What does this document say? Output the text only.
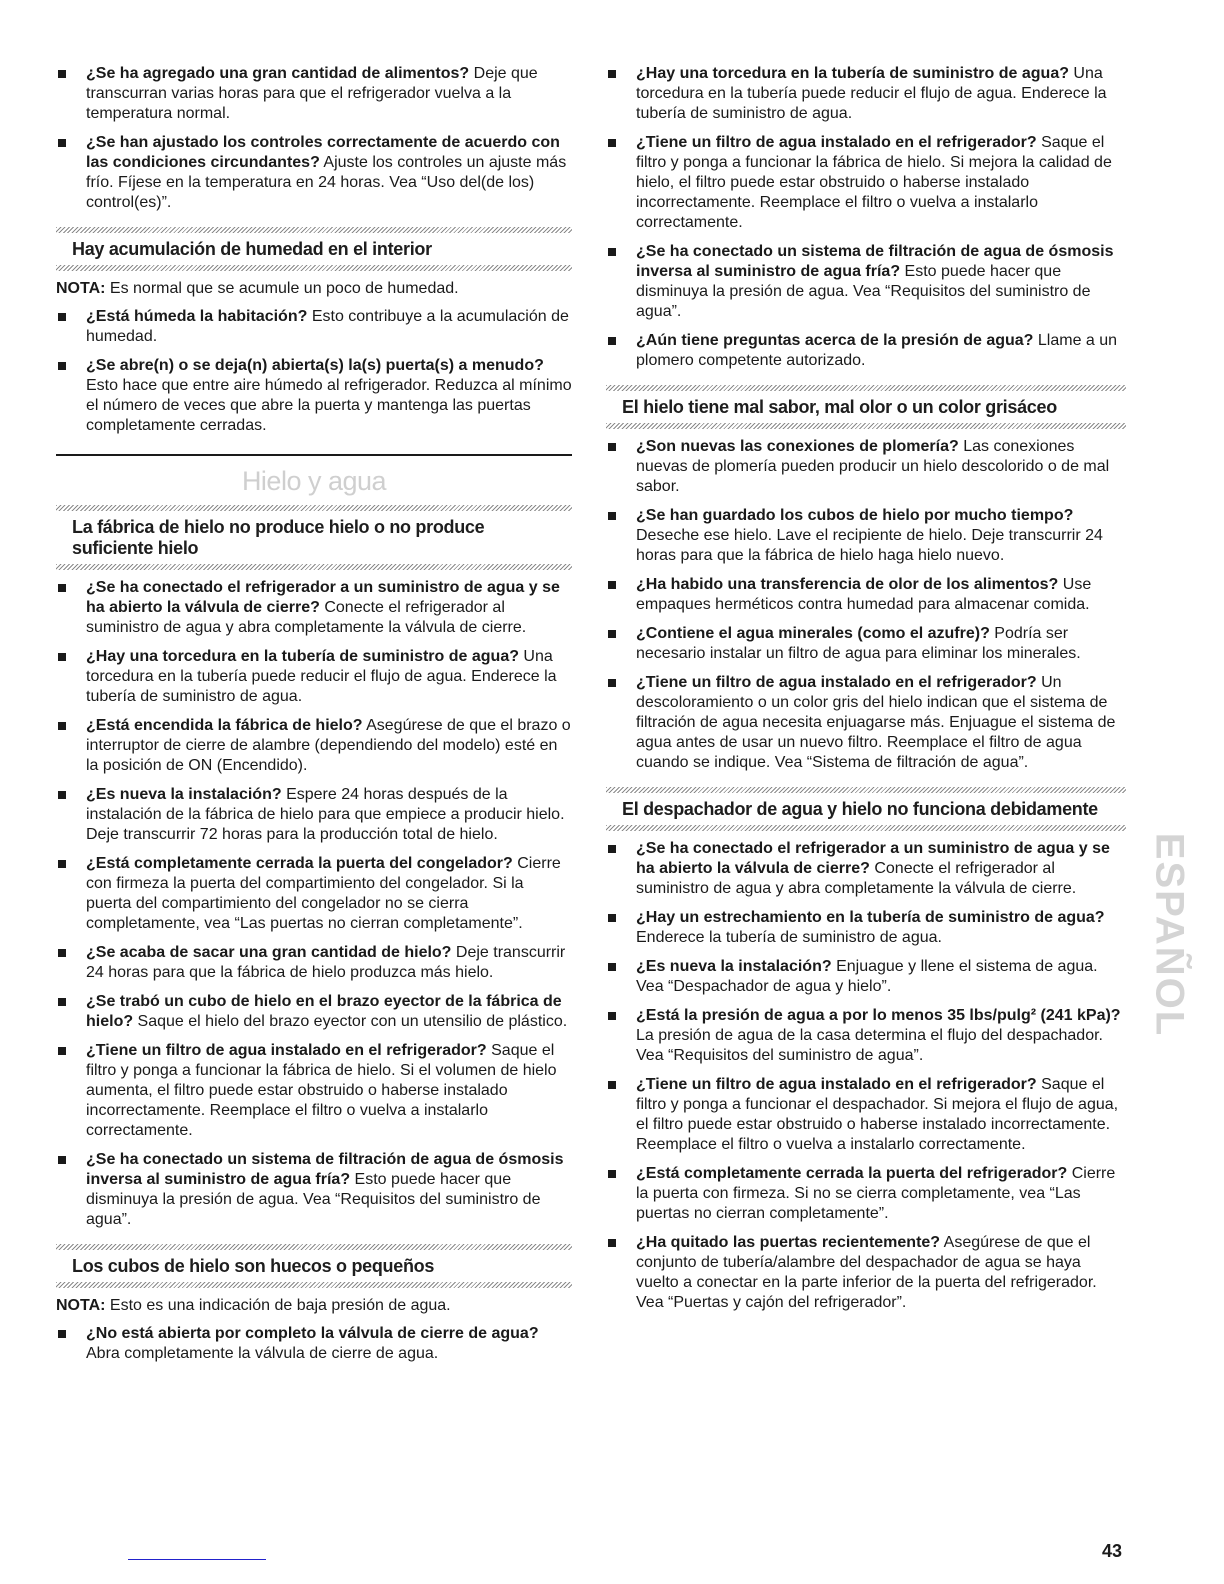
¿Se ha agregado una gran cantidad de alimentos? Deje que transcurran varias horas para que el refrigerador vuelva a la temperatura normal.
¿Se han ajustado los controles correctamente de acuerdo con las condiciones circundantes? Ajuste los controles un ajuste más frío. Fíjese en la temperatura en 24 horas. Vea “Uso del(de los) control(es)”.
Hay acumulación de humedad en el interior
NOTA: Es normal que se acumule un poco de humedad.
¿Está húmeda la habitación? Esto contribuye a la acumulación de humedad.
¿Se abre(n) o se deja(n) abierta(s) la(s) puerta(s) a menudo? Esto hace que entre aire húmedo al refrigerador. Reduzca al mínimo el número de veces que abre la puerta y mantenga las puertas completamente cerradas.
Hielo y agua
La fábrica de hielo no produce hielo o no produce suficiente hielo
¿Se ha conectado el refrigerador a un suministro de agua y se ha abierto la válvula de cierre? Conecte el refrigerador al suministro de agua y abra completamente la válvula de cierre.
¿Hay una torcedura en la tubería de suministro de agua? Una torcedura en la tubería puede reducir el flujo de agua. Enderece la tubería de suministro de agua.
¿Está encendida la fábrica de hielo? Asegúrese de que el brazo o interruptor de cierre de alambre (dependiendo del modelo) esté en la posición de ON (Encendido).
¿Es nueva la instalación? Espere 24 horas después de la instalación de la fábrica de hielo para que empiece a producir hielo. Deje transcurrir 72 horas para la producción total de hielo.
¿Está completamente cerrada la puerta del congelador? Cierre con firmeza la puerta del compartimiento del congelador. Si la puerta del compartimiento del congelador no se cierra completamente, vea “Las puertas no cierran completamente”.
¿Se acaba de sacar una gran cantidad de hielo? Deje transcurrir 24 horas para que la fábrica de hielo produzca más hielo.
¿Se trabó un cubo de hielo en el brazo eyector de la fábrica de hielo? Saque el hielo del brazo eyector con un utensilio de plástico.
¿Tiene un filtro de agua instalado en el refrigerador? Saque el filtro y ponga a funcionar la fábrica de hielo. Si el volumen de hielo aumenta, el filtro puede estar obstruido o haberse instalado incorrectamente. Reemplace el filtro o vuelva a instalarlo correctamente.
¿Se ha conectado un sistema de filtración de agua de ósmosis inversa al suministro de agua fría? Esto puede hacer que disminuya la presión de agua. Vea “Requisitos del suministro de agua”.
Los cubos de hielo son huecos o pequeños
NOTA: Esto es una indicación de baja presión de agua.
¿No está abierta por completo la válvula de cierre de agua? Abra completamente la válvula de cierre de agua.
¿Hay una torcedura en la tubería de suministro de agua? Una torcedura en la tubería puede reducir el flujo de agua. Enderece la tubería de suministro de agua.
¿Tiene un filtro de agua instalado en el refrigerador? Saque el filtro y ponga a funcionar la fábrica de hielo. Si mejora la calidad de hielo, el filtro puede estar obstruido o haberse instalado incorrectamente. Reemplace el filtro o vuelva a instalarlo correctamente.
¿Se ha conectado un sistema de filtración de agua de ósmosis inversa al suministro de agua fría? Esto puede hacer que disminuya la presión de agua. Vea “Requisitos del suministro de agua”.
¿Aún tiene preguntas acerca de la presión de agua? Llame a un plomero competente autorizado.
El hielo tiene mal sabor, mal olor o un color grisáceo
¿Son nuevas las conexiones de plomería? Las conexiones nuevas de plomería pueden producir un hielo descolorido o de mal sabor.
¿Se han guardado los cubos de hielo por mucho tiempo? Deseche ese hielo. Lave el recipiente de hielo. Deje transcurrir 24 horas para que la fábrica de hielo haga hielo nuevo.
¿Ha habido una transferencia de olor de los alimentos? Use empaques herméticos contra humedad para almacenar comida.
¿Contiene el agua minerales (como el azufre)? Podría ser necesario instalar un filtro de agua para eliminar los minerales.
¿Tiene un filtro de agua instalado en el refrigerador? Un descoloramiento o un color gris del hielo indican que el sistema de filtración de agua necesita enjuagarse más. Enjuague el sistema de agua antes de usar un nuevo filtro. Reemplace el filtro de agua cuando se indique. Vea “Sistema de filtración de agua”.
El despachador de agua y hielo no funciona debidamente
¿Se ha conectado el refrigerador a un suministro de agua y se ha abierto la válvula de cierre? Conecte el refrigerador al suministro de agua y abra completamente la válvula de cierre.
¿Hay un estrechamiento en la tubería de suministro de agua? Enderece la tubería de suministro de agua.
¿Es nueva la instalación? Enjuague y llene el sistema de agua. Vea “Despachador de agua y hielo”.
¿Está la presión de agua a por lo menos 35 lbs/pulg² (241 kPa)? La presión de agua de la casa determina el flujo del despachador. Vea “Requisitos del suministro de agua”.
¿Tiene un filtro de agua instalado en el refrigerador? Saque el filtro y ponga a funcionar el despachador. Si mejora el flujo de agua, el filtro puede estar obstruido o haberse instalado incorrectamente. Reemplace el filtro o vuelva a instalarlo correctamente.
¿Está completamente cerrada la puerta del refrigerador? Cierre la puerta con firmeza. Si no se cierra completamente, vea “Las puertas no cierran completamente”.
¿Ha quitado las puertas recientemente? Asegúrese de que el conjunto de tubería/alambre del despachador de agua se haya vuelto a conectar en la parte inferior de la puerta del refrigerador. Vea “Puertas y cajón del refrigerador”.
ESPAÑOL
43
